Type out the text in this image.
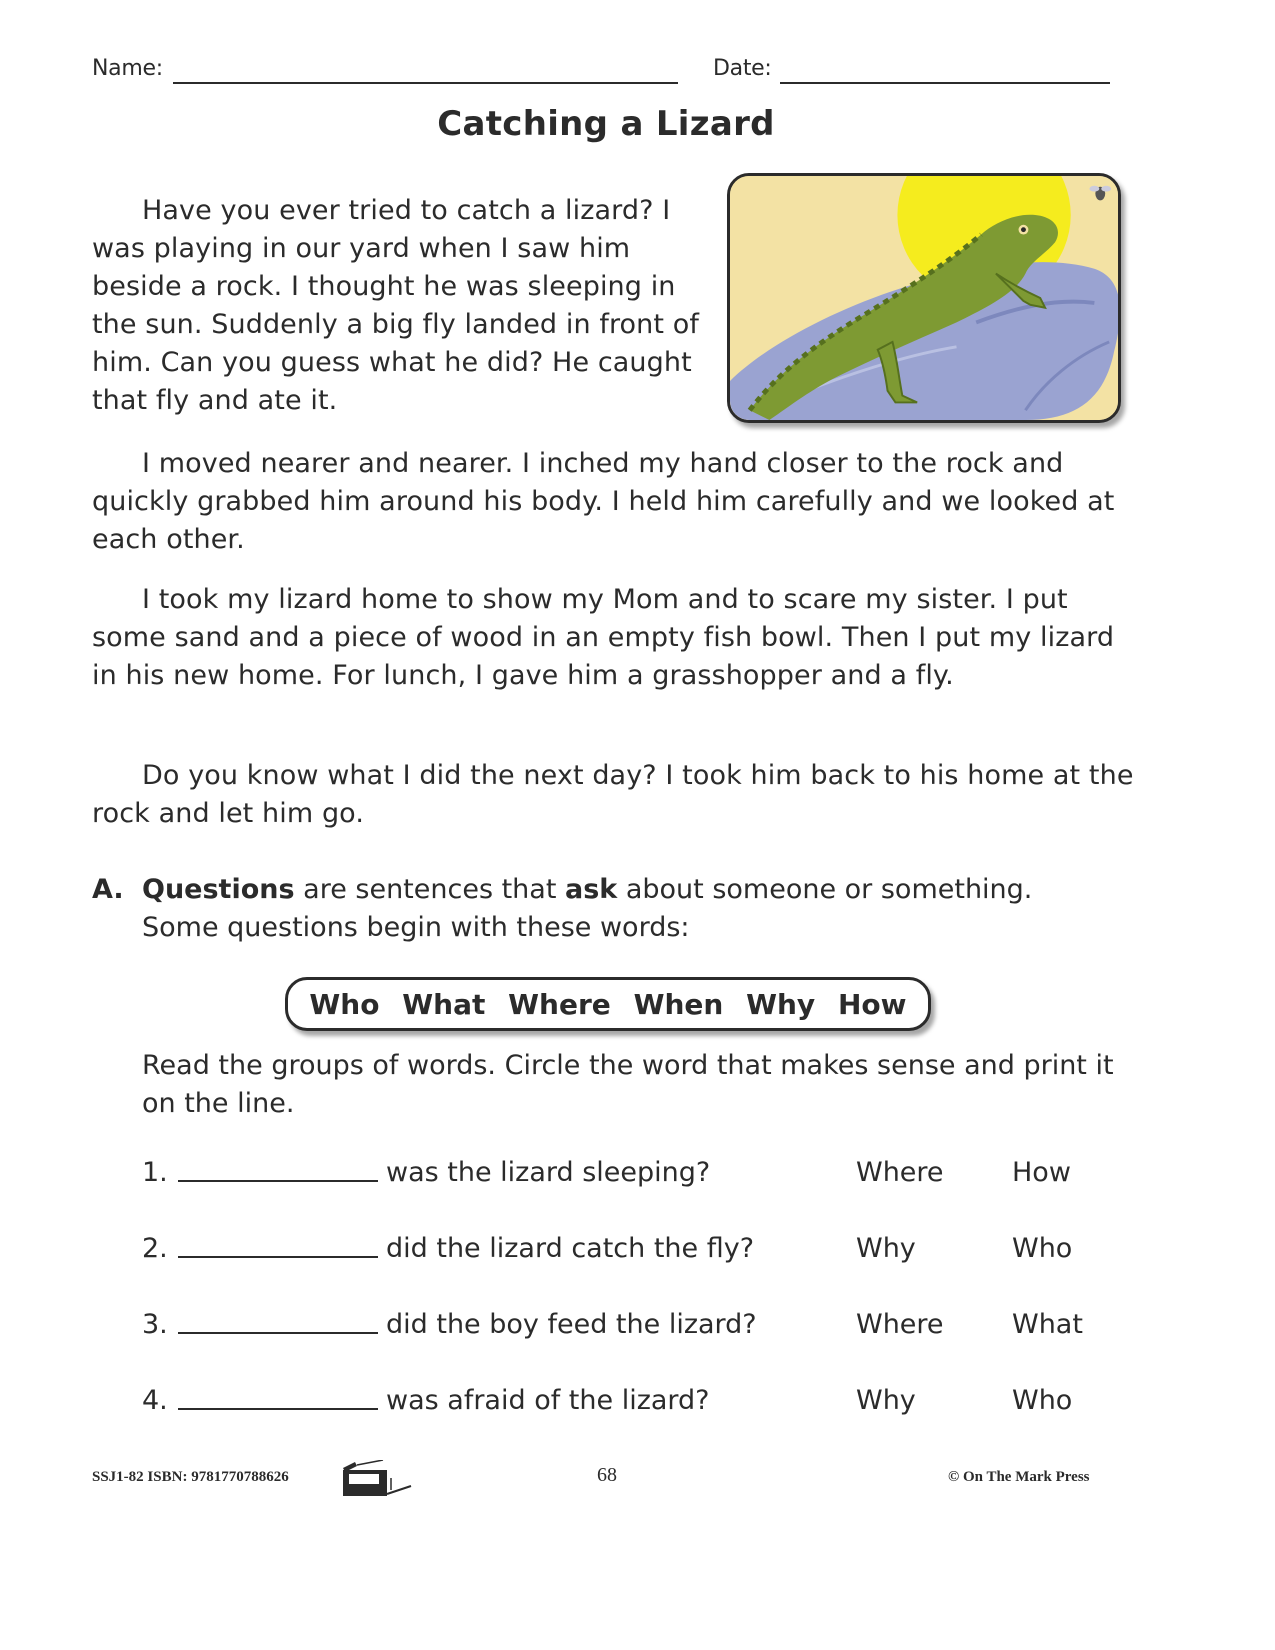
Name:	Date:
Catching a Lizard

Have you ever tried to catch a lizard? I was playing in our yard when I saw him beside a rock. I thought he was sleeping in the sun. Suddenly a big fly landed in front of him. Can you guess what he did? He caught that fly and ate it.

I moved nearer and nearer. I inched my hand closer to the rock and quickly grabbed him around his body. I held him carefully and we looked at each other.

I took my lizard home to show my Mom and to scare my sister. I put some sand and a piece of wood in an empty fish bowl. Then I put my lizard in his new home. For lunch, I gave him a grasshopper and a fly.

Do you know what I did the next day? I took him back to his home at the rock and let him go.

A. Questions are sentences that ask about someone or something.
Some questions begin with these words:
Who What Where When Why How

Read the groups of words. Circle the word that makes sense and print it on the line.

1.	was the lizard sleeping?	Where	How
2.	did the lizard catch the fly?	Why	Who
3.	did the boy feed the lizard?	Where	What
4.	was afraid of the lizard?	Why	Who
SSJ1-82 ISBN: 9781770788626	68	© On The Mark Press
